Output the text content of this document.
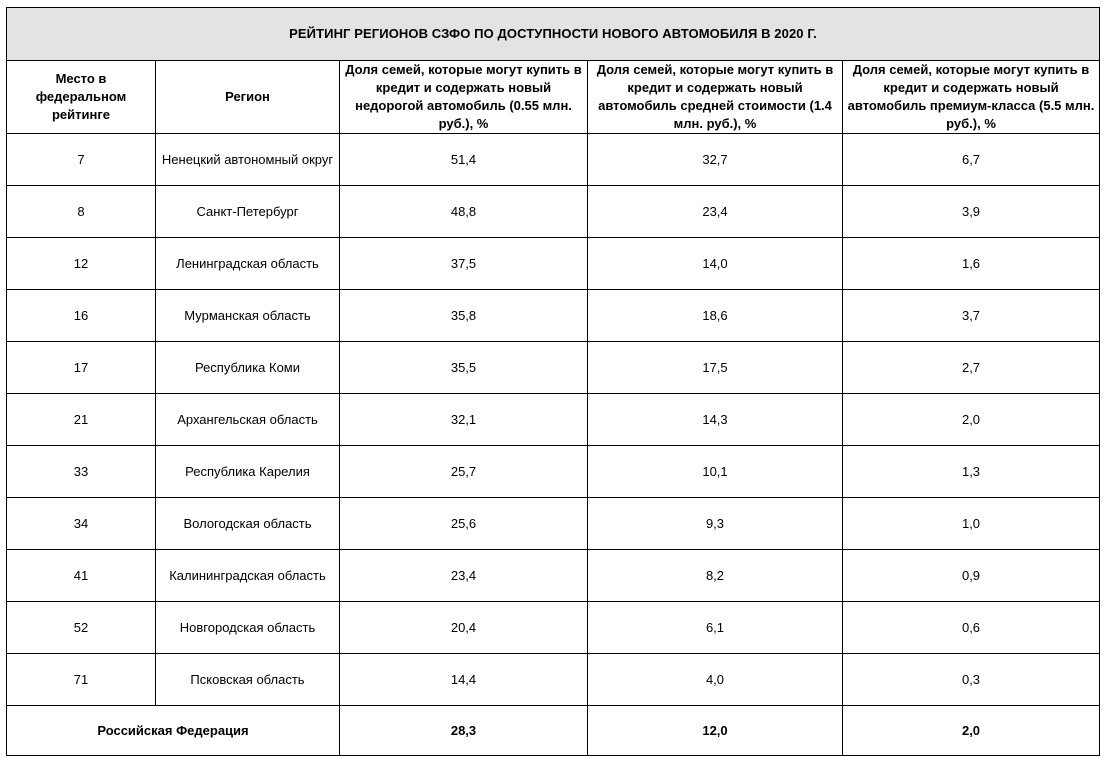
РЕЙТИНГ РЕГИОНОВ СЗФО ПО ДОСТУПНОСТИ НОВОГО АВТОМОБИЛЯ В 2020 Г.				
Место в федеральном рейтинге	Регион	Доля семей, которые могут купить в кредит и содержать новый недорогой автомобиль (0.55 млн. руб.), %	Доля семей, которые могут купить в кредит и содержать новый автомобиль средней стоимости (1.4 млн. руб.), %	Доля семей, которые могут купить в кредит и содержать новый автомобиль премиум-класса (5.5 млн. руб.), %
7	Ненецкий автономный округ	51,4	32,7	6,7
8	Санкт-Петербург	48,8	23,4	3,9
12	Ленинградская область	37,5	14,0	1,6
16	Мурманская область	35,8	18,6	3,7
17	Республика Коми	35,5	17,5	2,7
21	Архангельская область	32,1	14,3	2,0
33	Республика Карелия	25,7	10,1	1,3
34	Вологодская область	25,6	9,3	1,0
41	Калининградская область	23,4	8,2	0,9
52	Новгородская область	20,4	6,1	0,6
71	Псковская область	14,4	4,0	0,3
Российская Федерация		28,3	12,0	2,0
